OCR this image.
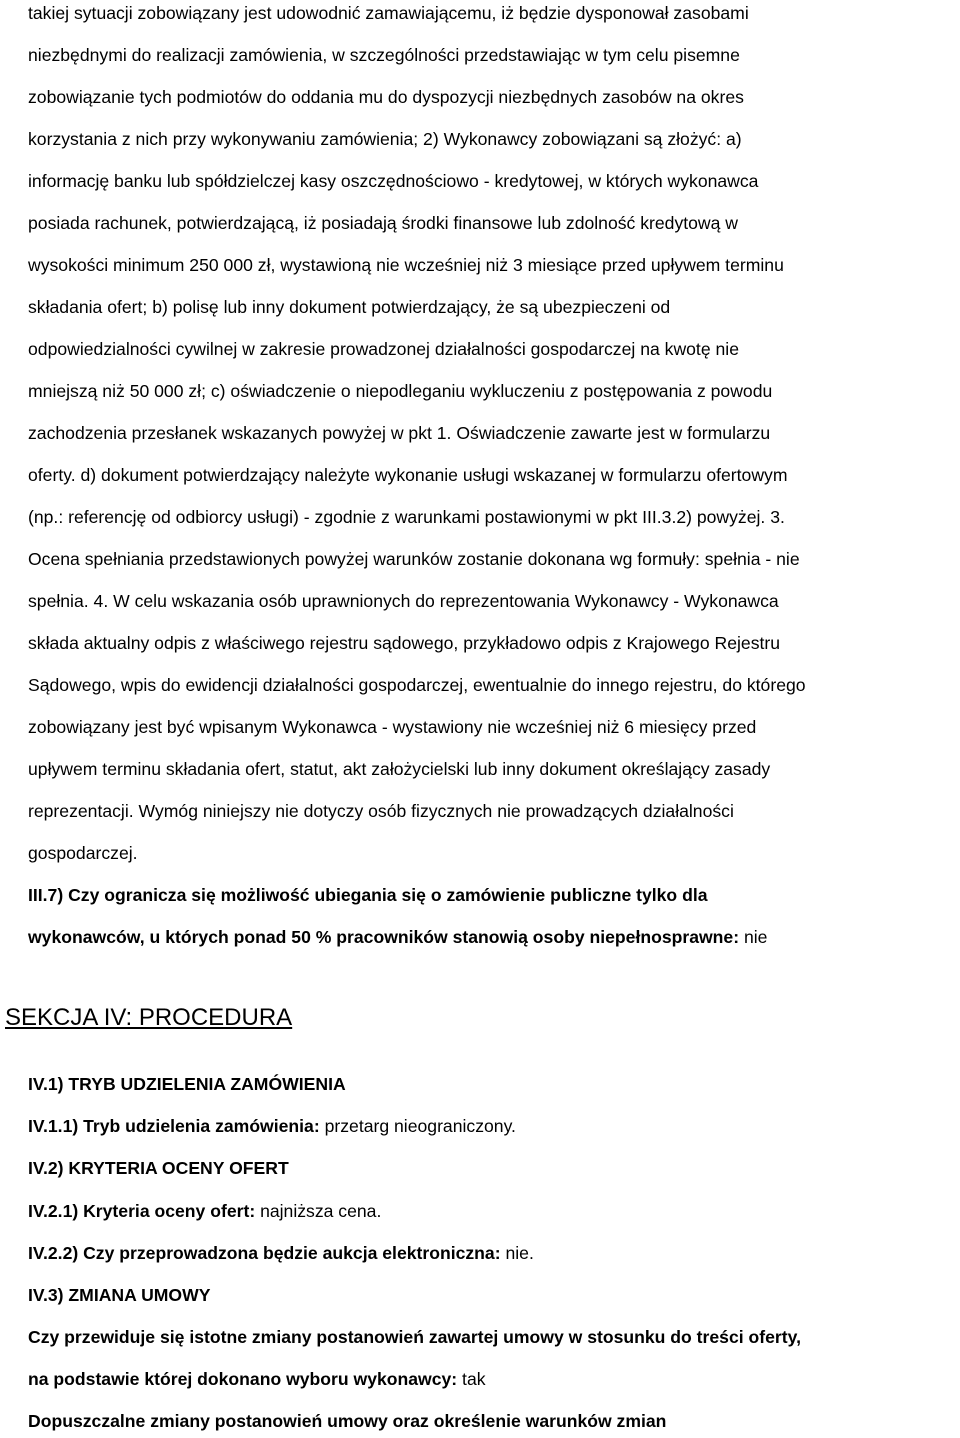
takiej sytuacji zobowiązany jest udowodnić zamawiającemu, iż będzie dysponował zasobami
niezbędnymi do realizacji zamówienia, w szczególności przedstawiając w tym celu pisemne
zobowiązanie tych podmiotów do oddania mu do dyspozycji niezbędnych zasobów na okres
korzystania z nich przy wykonywaniu zamówienia; 2) Wykonawcy zobowiązani są złożyć: a)
informację banku lub spółdzielczej kasy oszczędnościowo - kredytowej, w których wykonawca
posiada rachunek, potwierdzającą, iż posiadają środki finansowe lub zdolność kredytową w
wysokości minimum 250 000 zł, wystawioną nie wcześniej niż 3 miesiące przed upływem terminu
składania ofert; b) polisę lub inny dokument potwierdzający, że są ubezpieczeni od
odpowiedzialności cywilnej w zakresie prowadzonej działalności gospodarczej na kwotę nie
mniejszą niż 50 000 zł; c) oświadczenie o niepodleganiu wykluczeniu z postępowania z powodu
zachodzenia przesłanek wskazanych powyżej w pkt 1. Oświadczenie zawarte jest w formularzu
oferty. d) dokument potwierdzający należyte wykonanie usługi wskazanej w formularzu ofertowym
(np.: referencję od odbiorcy usługi) - zgodnie z warunkami postawionymi w pkt III.3.2) powyżej. 3.
Ocena spełniania przedstawionych powyżej warunków zostanie dokonana wg formuły: spełnia - nie
spełnia. 4. W celu wskazania osób uprawnionych do reprezentowania Wykonawcy - Wykonawca
składa aktualny odpis z właściwego rejestru sądowego, przykładowo odpis z Krajowego Rejestru
Sądowego, wpis do ewidencji działalności gospodarczej, ewentualnie do innego rejestru, do którego
zobowiązany jest być wpisanym Wykonawca - wystawiony nie wcześniej niż 6 miesięcy przed
upływem terminu składania ofert, statut, akt założycielski lub inny dokument określający zasady
reprezentacji. Wymóg niniejszy nie dotyczy osób fizycznych nie prowadzących działalności
gospodarczej.
III.7) Czy ogranicza się możliwość ubiegania się o zamówienie publiczne tylko dla
wykonawców, u których ponad 50 % pracowników stanowią osoby niepełnosprawne: nie
SEKCJA IV: PROCEDURA
IV.1) TRYB UDZIELENIA ZAMÓWIENIA
IV.1.1) Tryb udzielenia zamówienia: przetarg nieograniczony.
IV.2) KRYTERIA OCENY OFERT
IV.2.1) Kryteria oceny ofert: najniższa cena.
IV.2.2) Czy przeprowadzona będzie aukcja elektroniczna: nie.
IV.3) ZMIANA UMOWY
Czy przewiduje się istotne zmiany postanowień zawartej umowy w stosunku do treści oferty,
na podstawie której dokonano wyboru wykonawcy: tak
Dopuszczalne zmiany postanowień umowy oraz określenie warunków zmian
